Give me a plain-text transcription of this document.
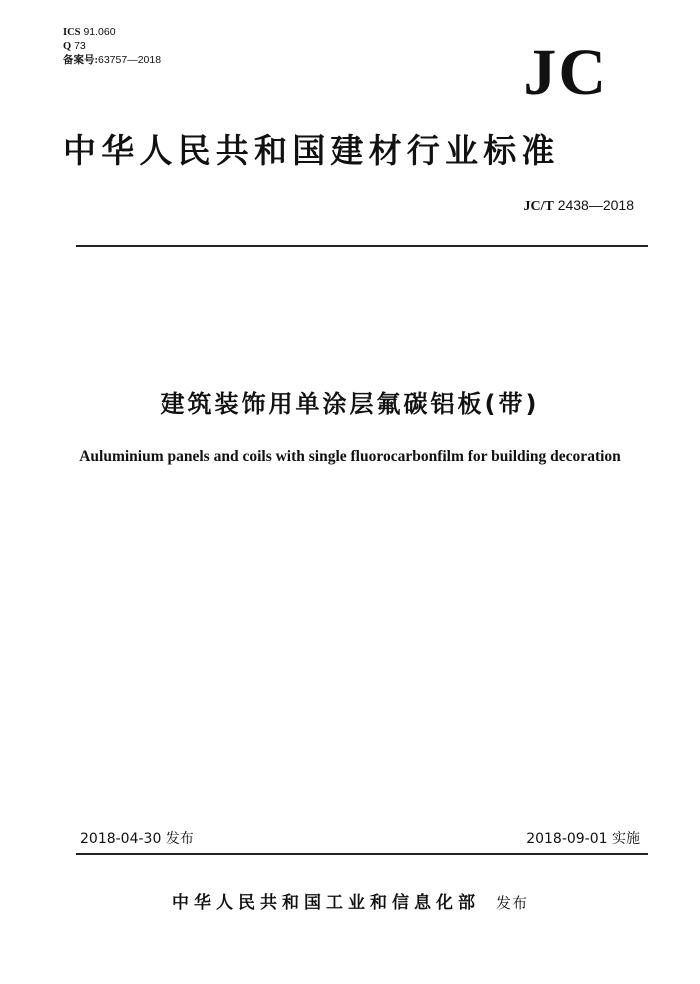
ICS 91.060
Q 73
备案号:63757—2018	JC
中华人民共和国建材行业标准
JC/T 2438—2018
建筑装饰用单涂层氟碳铝板(带)
Auluminium panels and coils with single fluorocarbonfilm for building decoration
2018-04-30 发布	2018-09-01 实施
中华人民共和国工业和信息化部 发布
